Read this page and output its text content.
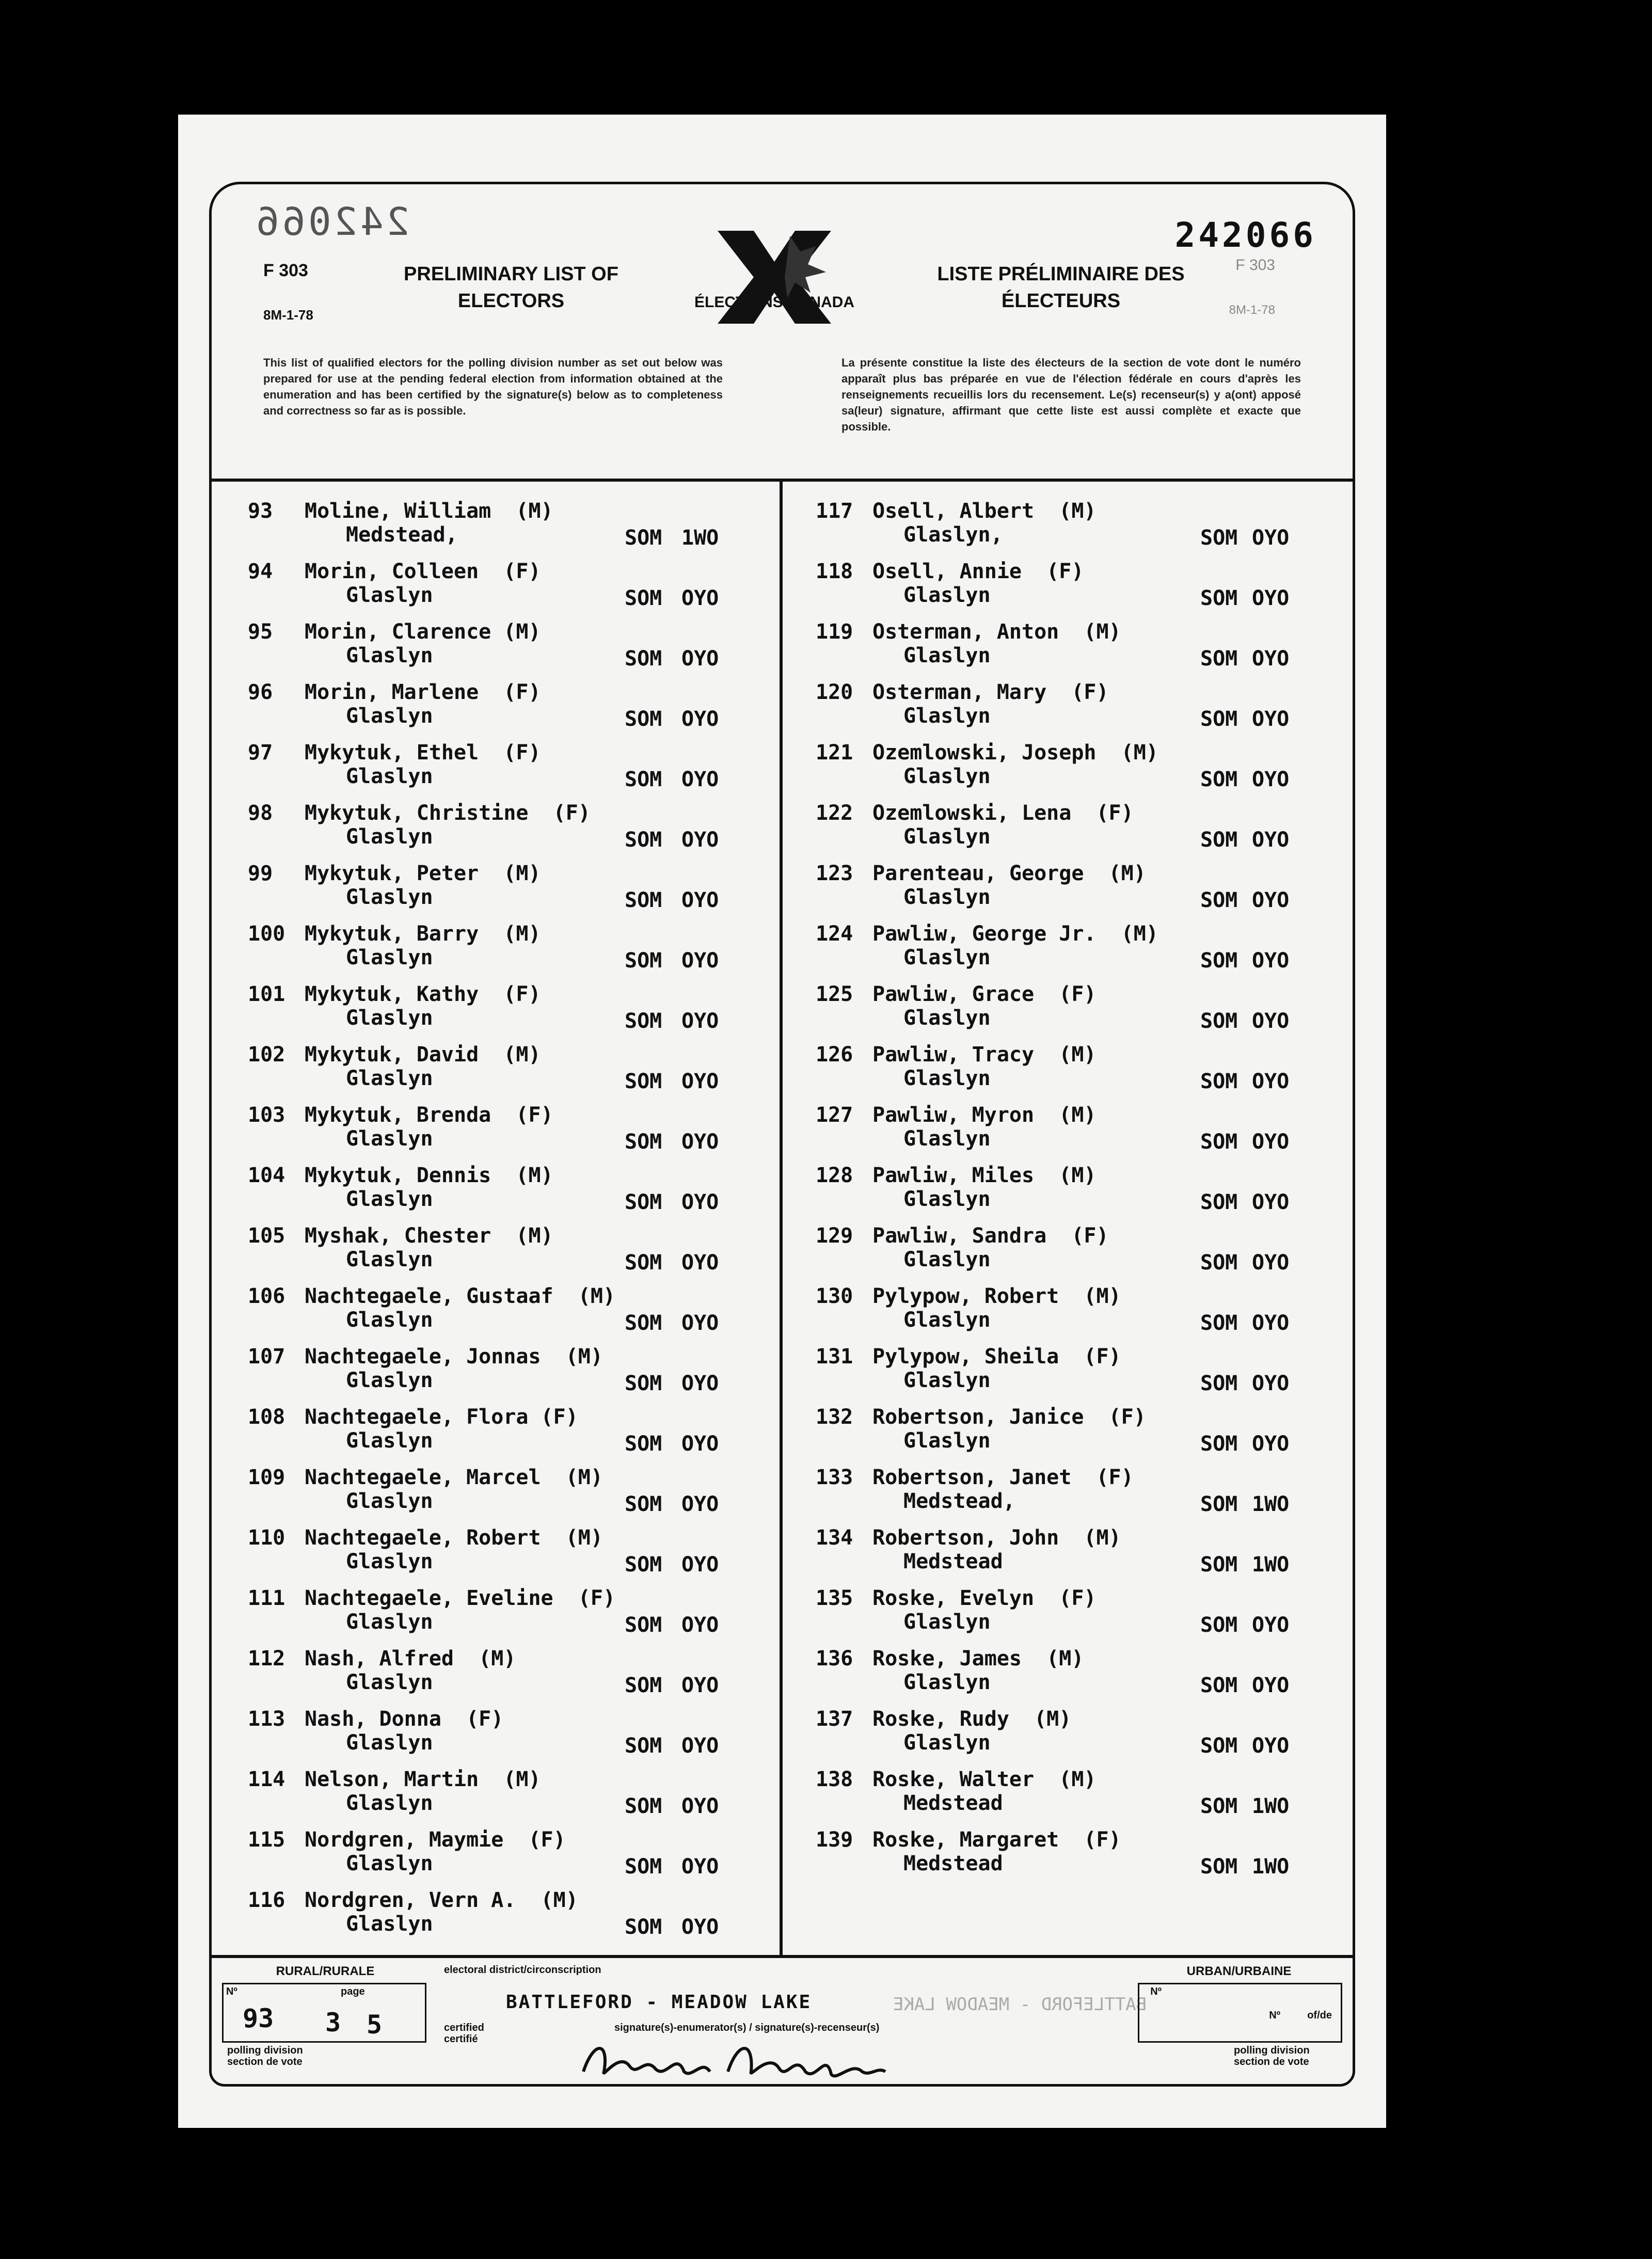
242066	242066
F 303
8M-1-78
F 303
8M-1-78
PRELIMINARY LIST OF ELECTORS
LISTE PRÉLIMINAIRE DES ÉLECTEURS
ÉLECTIONS CANADA
This list of qualified electors for the polling division number as set out below was prepared for use at the pending federal election from information obtained at the enumeration and has been certified by the signature(s) below as to completeness and correctness so far as is possible.
La présente constitue la liste des électeurs de la section de vote dont le numéro apparaît plus bas préparée en vue de l'élection fédérale en cours d'après les renseignements recueillis lors du recensement. Le(s) recenseur(s) y a(ont) apposé sa(leur) signature, affirmant que cette liste est aussi complète et exacte que possible.
93	Moline, William  (M)
Medstead,	SOM 1WO
94	Morin, Colleen  (F)
Glaslyn	SOM OYO
95	Morin, Clarence (M)
Glaslyn	SOM OYO
96	Morin, Marlene  (F)
Glaslyn	SOM OYO
97	Mykytuk, Ethel  (F)
Glaslyn	SOM OYO
98	Mykytuk, Christine  (F)
Glaslyn	SOM OYO
99	Mykytuk, Peter  (M)
Glaslyn	SOM OYO
100 Mykytuk, Barry  (M)
Glaslyn	SOM OYO
101 Mykytuk, Kathy  (F)
Glaslyn	SOM OYO
102 Mykytuk, David  (M)
Glaslyn	SOM OYO
103 Mykytuk, Brenda  (F)
Glaslyn	SOM OYO
104 Mykytuk, Dennis  (M)
Glaslyn	SOM OYO
105 Myshak, Chester  (M)
Glaslyn	SOM OYO
106 Nachtegaele, Gustaaf  (M)
Glaslyn	SOM OYO
107 Nachtegaele, Jonnas  (M)
Glaslyn	SOM OYO
108 Nachtegaele, Flora (F)
Glaslyn	SOM OYO
109 Nachtegaele, Marcel  (M)
Glaslyn	SOM OYO
110 Nachtegaele, Robert  (M)
Glaslyn	SOM OYO
111 Nachtegaele, Eveline  (F)
Glaslyn	SOM OYO
112 Nash, Alfred  (M)
Glaslyn	SOM OYO
113 Nash, Donna  (F)
Glaslyn	SOM OYO
114 Nelson, Martin  (M)
Glaslyn	SOM OYO
115 Nordgren, Maymie  (F)
Glaslyn	SOM OYO
116 Nordgren, Vern A.  (M)
Glaslyn	SOM OYO
117 Osell, Albert  (M)
Glaslyn,	SOM OYO
118 Osell, Annie  (F)
Glaslyn	SOM OYO
119 Osterman, Anton  (M)
Glaslyn	SOM OYO
120 Osterman, Mary  (F)
Glaslyn	SOM OYO
121 Ozemlowski, Joseph  (M)
Glaslyn	SOM OYO
122 Ozemlowski, Lena  (F)
Glaslyn	SOM OYO
123 Parenteau, George  (M)
Glaslyn	SOM OYO
124 Pawliw, George Jr.  (M)
Glaslyn	SOM OYO
125 Pawliw, Grace  (F)
Glaslyn	SOM OYO
126 Pawliw, Tracy  (M)
Glaslyn	SOM OYO
127 Pawliw, Myron  (M)
Glaslyn	SOM OYO
128 Pawliw, Miles  (M)
Glaslyn	SOM OYO
129 Pawliw, Sandra  (F)
Glaslyn	SOM OYO
130 Pylypow, Robert  (M)
Glaslyn	SOM OYO
131 Pylypow, Sheila  (F)
Glaslyn	SOM OYO
132 Robertson, Janice  (F)
Glaslyn	SOM OYO
133 Robertson, Janet  (F)
Medstead,	SOM 1WO
134 Robertson, John  (M)
Medstead	SOM 1WO
135 Roske, Evelyn  (F)
Glaslyn	SOM OYO
136 Roske, James  (M)
Glaslyn	SOM OYO
137 Roske, Rudy  (M)
Glaslyn	SOM OYO
138 Roske, Walter  (M)
Medstead	SOM 1WO
139 Roske, Margaret  (F)
Medstead	SOM 1WO
RURAL/RURALE	URBAN/URBAINE
Nº	page
93 3 5
polling division section de vote
electoral district/circonscription
BATTLEFORD - MEADOW LAKE	BATTLEFORD - MEADOW LAKE
certified certifié
signature(s)-enumerator(s) / signature(s)-recenseur(s)
Nº
Nº	of/de
polling division section de vote
